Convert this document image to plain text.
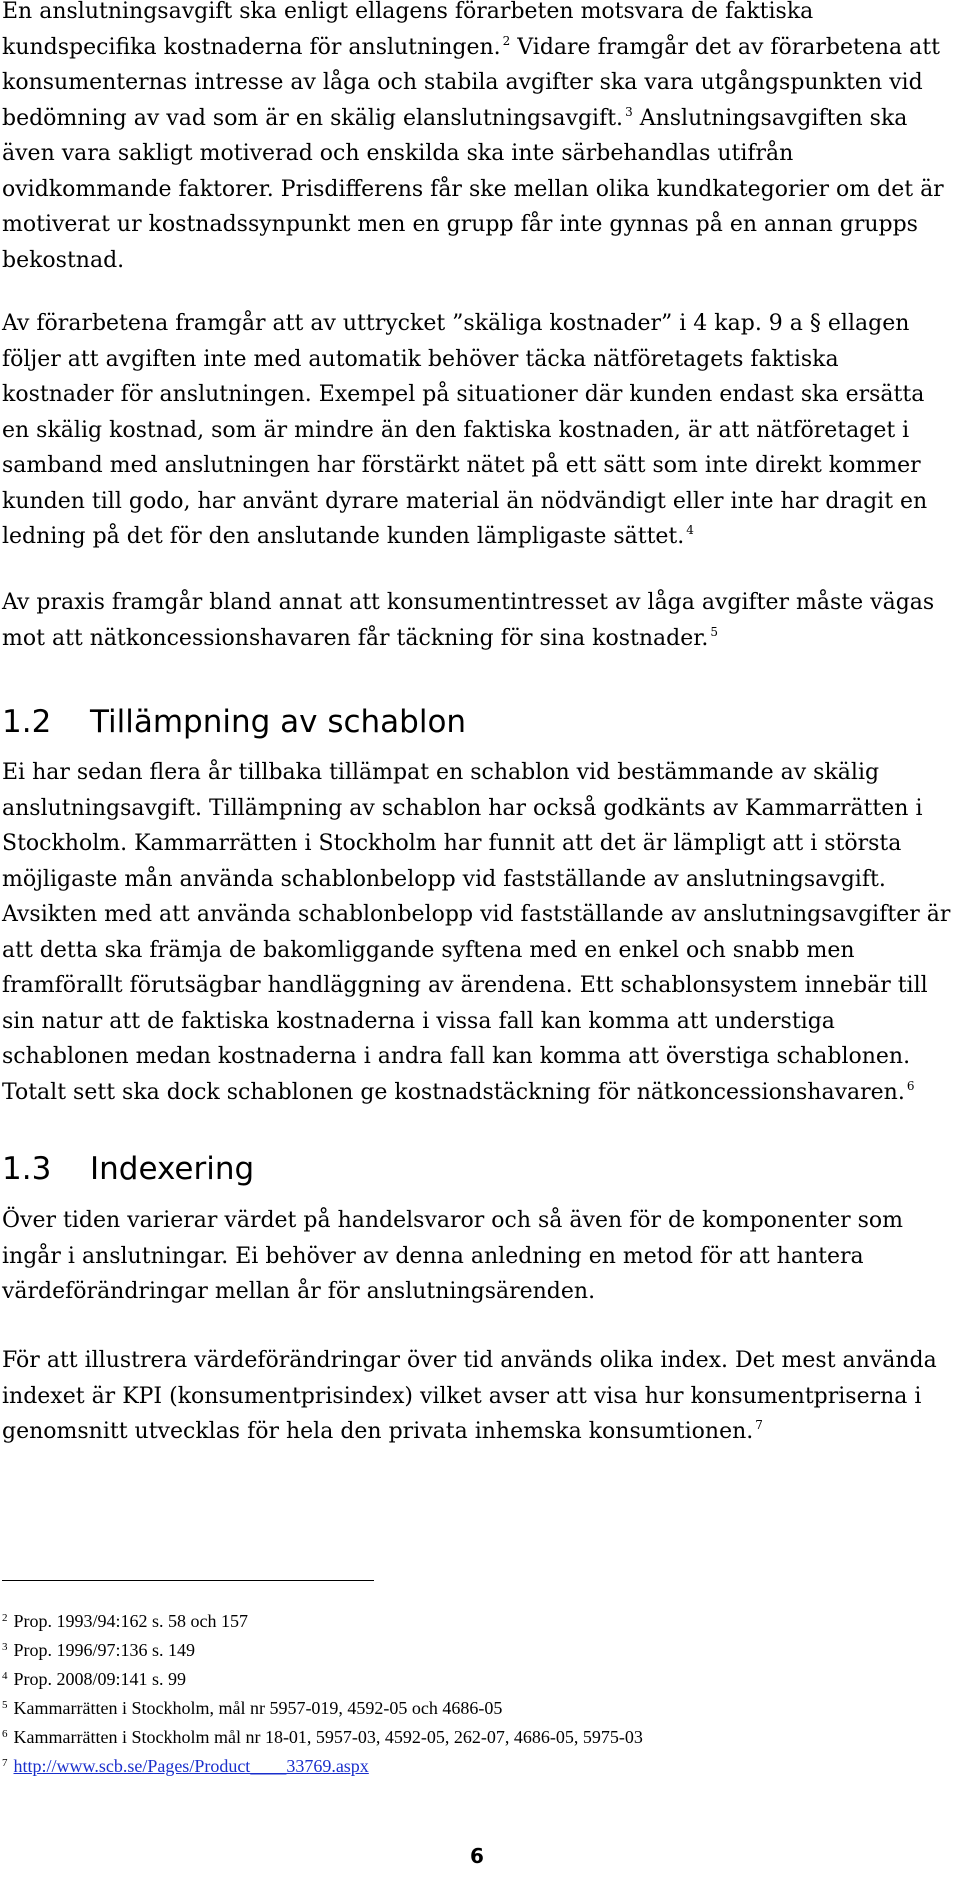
En anslutningsavgift ska enligt ellagens förarbeten motsvara de faktiska kundspecifika kostnaderna för anslutningen. $^2$ Vidare framgår det av förarbetena att konsumenternas intresse av låga och stabila avgifter ska vara utgångspunkten vid bedömning av vad som är en skälig elanslutningsavgift. $^3$ Anslutningsavgiften ska även vara sakligt motiverad och enskilda ska inte särbehandlas utifrån ovidkommande faktorer. Prisdifferens får ske mellan olika kundkategorier om det är motiverat ur kostnadssynpunkt men en grupp får inte gynnas på en annan grupps bekostnad.

Av förarbetena framgår att av uttrycket ”skäliga kostnader” i 4 kap. 9 a § ellagen följer att avgiften inte med automatik behöver täcka nätföretagets faktiska kostnader för anslutningen. Exempel på situationer där kunden endast ska ersätta en skälig kostnad, som är mindre än den faktiska kostnaden, är att nätföretaget i samband med anslutningen har förstärkt nätet på ett sätt som inte direkt kommer kunden till godo, har använt dyrare material än nödvändigt eller inte har dragit en ledning på det för den anslutande kunden lämpligaste sättet. $^4$

Av praxis framgår bland annat att konsumentintresset av låga avgifter måste vägas mot att nätkoncessionshavaren får täckning för sina kostnader. $^5$

1.2 Tillämpning av schablon

Ei har sedan flera år tillbaka tillämpat en schablon vid bestämmande av skälig anslutningsavgift. Tillämpning av schablon har också godkänts av Kammarrätten i Stockholm. Kammarrätten i Stockholm har funnit att det är lämpligt att i största möjligaste mån använda schablonbelopp vid fastställande av anslutningsavgift. Avsikten med att använda schablonbelopp vid fastställande av anslutningsavgifter är att detta ska främja de bakomliggande syftena med en enkel och snabb men framförallt förutsägbar handläggning av ärendena. Ett schablonsystem innebär till sin natur att de faktiska kostnaderna i vissa fall kan komma att understiga schablonen medan kostnaderna i andra fall kan komma att överstiga schablonen. Totalt sett ska dock schablonen ge kostnadstäckning för nätkoncessionshavaren. $^6$

1.3 Indexering

Över tiden varierar värdet på handelsvaror och så även för de komponenter som ingår i anslutningar. Ei behöver av denna anledning en metod för att hantera värdeförändringar mellan år för anslutningsärenden.

För att illustrera värdeförändringar över tid används olika index. Det mest använda indexet är KPI (konsumentprisindex) vilket avser att visa hur konsumentpriserna i genomsnitt utvecklas för hela den privata inhemska konsumtionen. $^7$

$^2$ Prop. 1993/94:162 s. 58 och 157

$^3$ Prop. 1996/97:136 s. 149

$^4$ Prop. 2008/09:141 s. 99

$^5$ Kammarrätten i Stockholm, mål nr 5957-019, 4592-05 och 4686-05

$^6$ Kammarrätten i Stockholm mål nr 18-01, 5957-03, 4592-05, 262-07, 4686-05, 5975-03

$^7$ http://www.scb.se/Pages/Product____33769.aspx

6
